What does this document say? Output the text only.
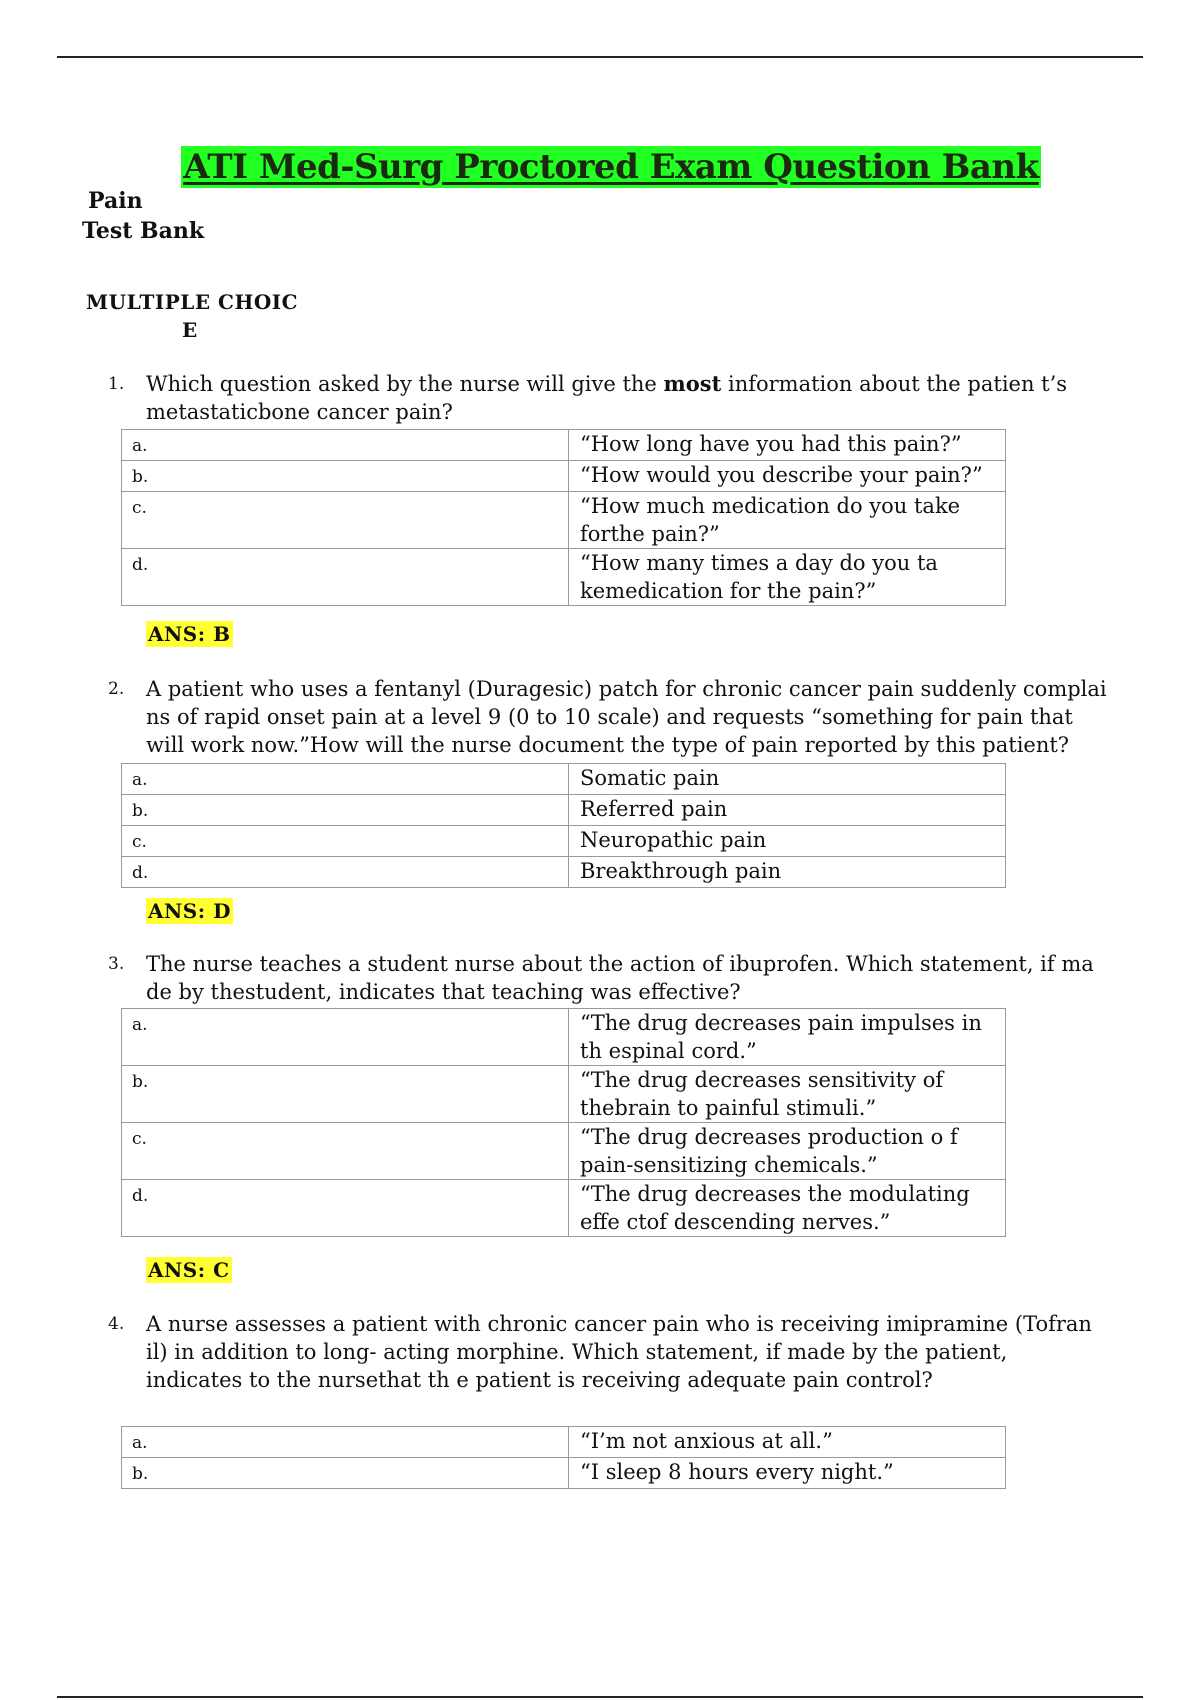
ATI Med-Surg Proctored Exam Question Bank
Pain
Test Bank
MULTIPLE CHOIC
E
1.	Which question asked by the nurse will give the most information about the patien t’s metastaticbone cancer pain?
a.	“How long have you had this pain?”
b.	“How would you describe your pain?”
c.	“How much medication do you take forthe pain?”
d.	“How many times a day do you ta kemedication for the pain?”
ANS: B
2.	A patient who uses a fentanyl (Duragesic) patch for chronic cancer pain suddenly complai ns of rapid onset pain at a level 9 (0 to 10 scale) and requests “something for pain that will work now.”How will the nurse document the type of pain reported by this patient?
a.	Somatic pain
b.	Referred pain
c.	Neuropathic pain
d.	Breakthrough pain
ANS: D
3.	The nurse teaches a student nurse about the action of ibuprofen. Which statement, if ma de by thestudent, indicates that teaching was effective?
a.	“The drug decreases pain impulses in th espinal cord.”
b.	“The drug decreases sensitivity of thebrain to painful stimuli.”
c.	“The drug decreases production o f pain-sensitizing chemicals.”
d.	“The drug decreases the modulating effe ctof descending nerves.”
ANS: C
4.	A nurse assesses a patient with chronic cancer pain who is receiving imipramine (Tofran il) in addition to long- acting morphine. Which statement, if made by the patient, indicates to the nursethat th e patient is receiving adequate pain control?
a.	“I’m not anxious at all.”
b.	“I sleep 8 hours every night.”
